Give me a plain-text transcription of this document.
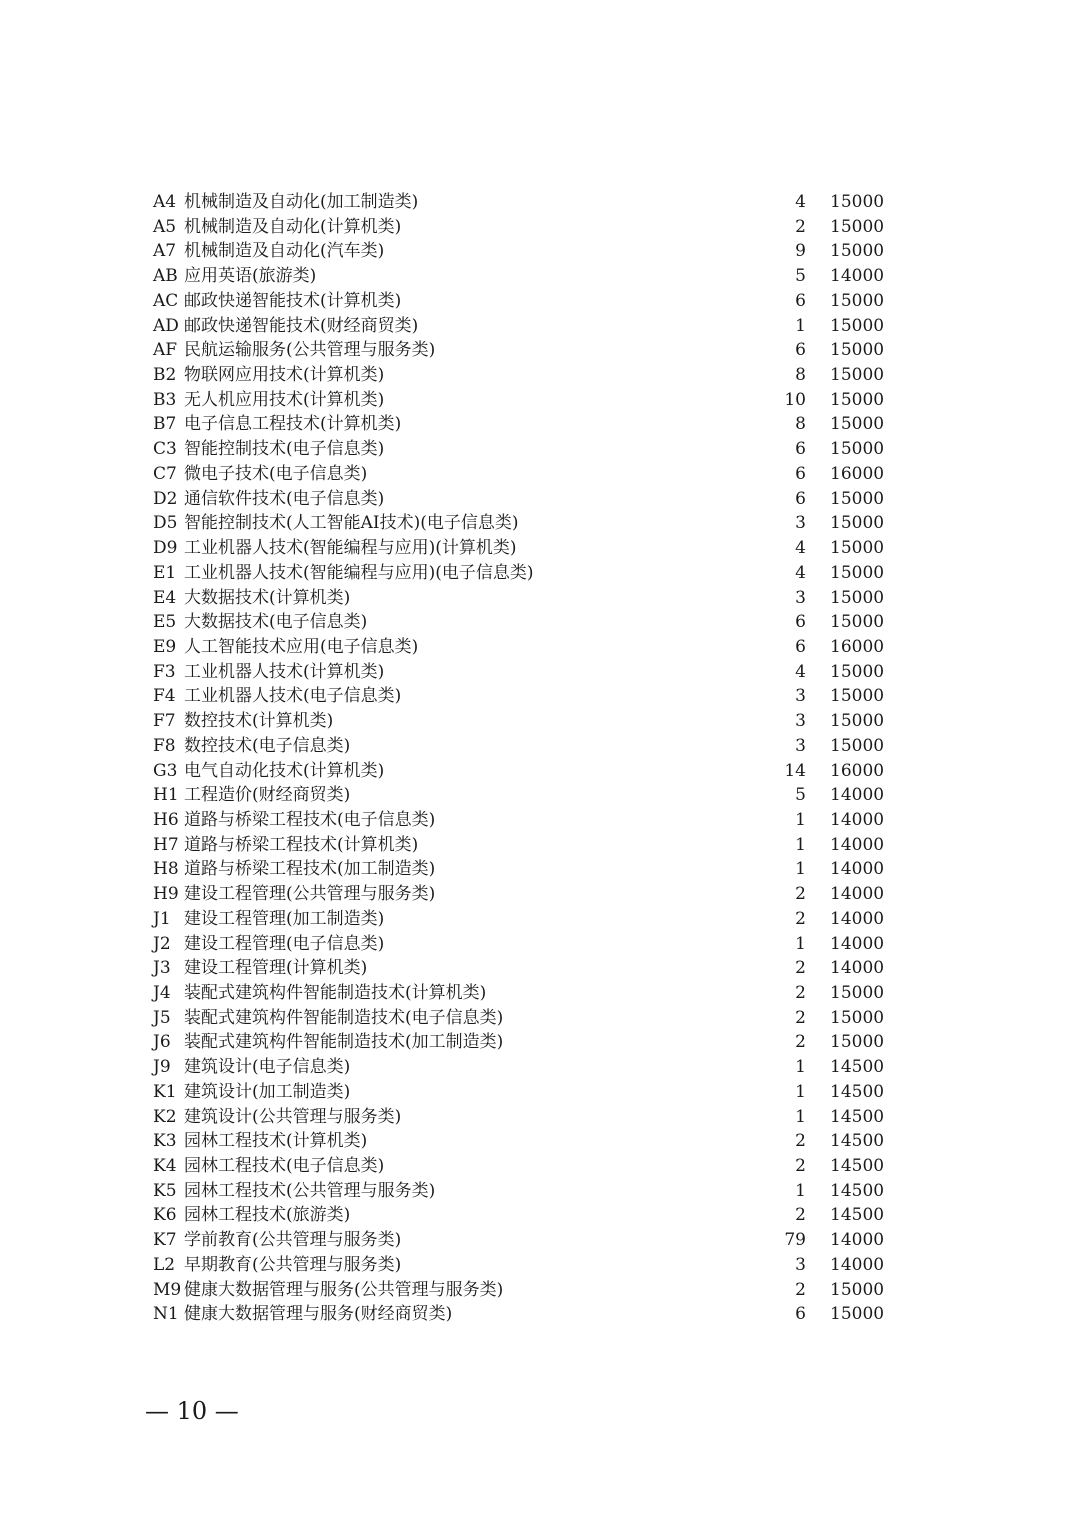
A4 机械制造及自动化(加工制造类)	4 15000
A5 机械制造及自动化(计算机类)	2 15000
A7 机械制造及自动化(汽车类)	9 15000
AB 应用英语(旅游类)	5 14000
AC 邮政快递智能技术(计算机类)	6 15000
AD 邮政快递智能技术(财经商贸类)	1 15000
AF 民航运输服务(公共管理与服务类)	6 15000
B2 物联网应用技术(计算机类)	8 15000
B3 无人机应用技术(计算机类)	10 15000
B7 电子信息工程技术(计算机类)	8 15000
C3 智能控制技术(电子信息类)	6 15000
C7 微电子技术(电子信息类)	6 16000
D2 通信软件技术(电子信息类)	6 15000
D5 智能控制技术(人工智能AI技术)(电子信息类)	3 15000
D9 工业机器人技术(智能编程与应用)(计算机类)	4 15000
E1 工业机器人技术(智能编程与应用)(电子信息类)	4 15000
E4 大数据技术(计算机类)	3 15000
E5 大数据技术(电子信息类)	6 15000
E9 人工智能技术应用(电子信息类)	6 16000
F3 工业机器人技术(计算机类)	4 15000
F4 工业机器人技术(电子信息类)	3 15000
F7 数控技术(计算机类)	3 15000
F8 数控技术(电子信息类)	3 15000
G3 电气自动化技术(计算机类)	14 16000
H1 工程造价(财经商贸类)	5 14000
H6 道路与桥梁工程技术(电子信息类)	1 14000
H7 道路与桥梁工程技术(计算机类)	1 14000
H8 道路与桥梁工程技术(加工制造类)	1 14000
H9 建设工程管理(公共管理与服务类)	2 14000
J1 建设工程管理(加工制造类)	2 14000
J2 建设工程管理(电子信息类)	1 14000
J3 建设工程管理(计算机类)	2 14000
J4 装配式建筑构件智能制造技术(计算机类)	2 15000
J5 装配式建筑构件智能制造技术(电子信息类)	2 15000
J6 装配式建筑构件智能制造技术(加工制造类)	2 15000
J9 建筑设计(电子信息类)	1 14500
K1 建筑设计(加工制造类)	1 14500
K2 建筑设计(公共管理与服务类)	1 14500
K3 园林工程技术(计算机类)	2 14500
K4 园林工程技术(电子信息类)	2 14500
K5 园林工程技术(公共管理与服务类)	1 14500
K6 园林工程技术(旅游类)	2 14500
K7 学前教育(公共管理与服务类)	79 14000
L2 早期教育(公共管理与服务类)	3 14000
M9 健康大数据管理与服务(公共管理与服务类)	2 15000
N1 健康大数据管理与服务(财经商贸类)	6 15000
— 10 —
